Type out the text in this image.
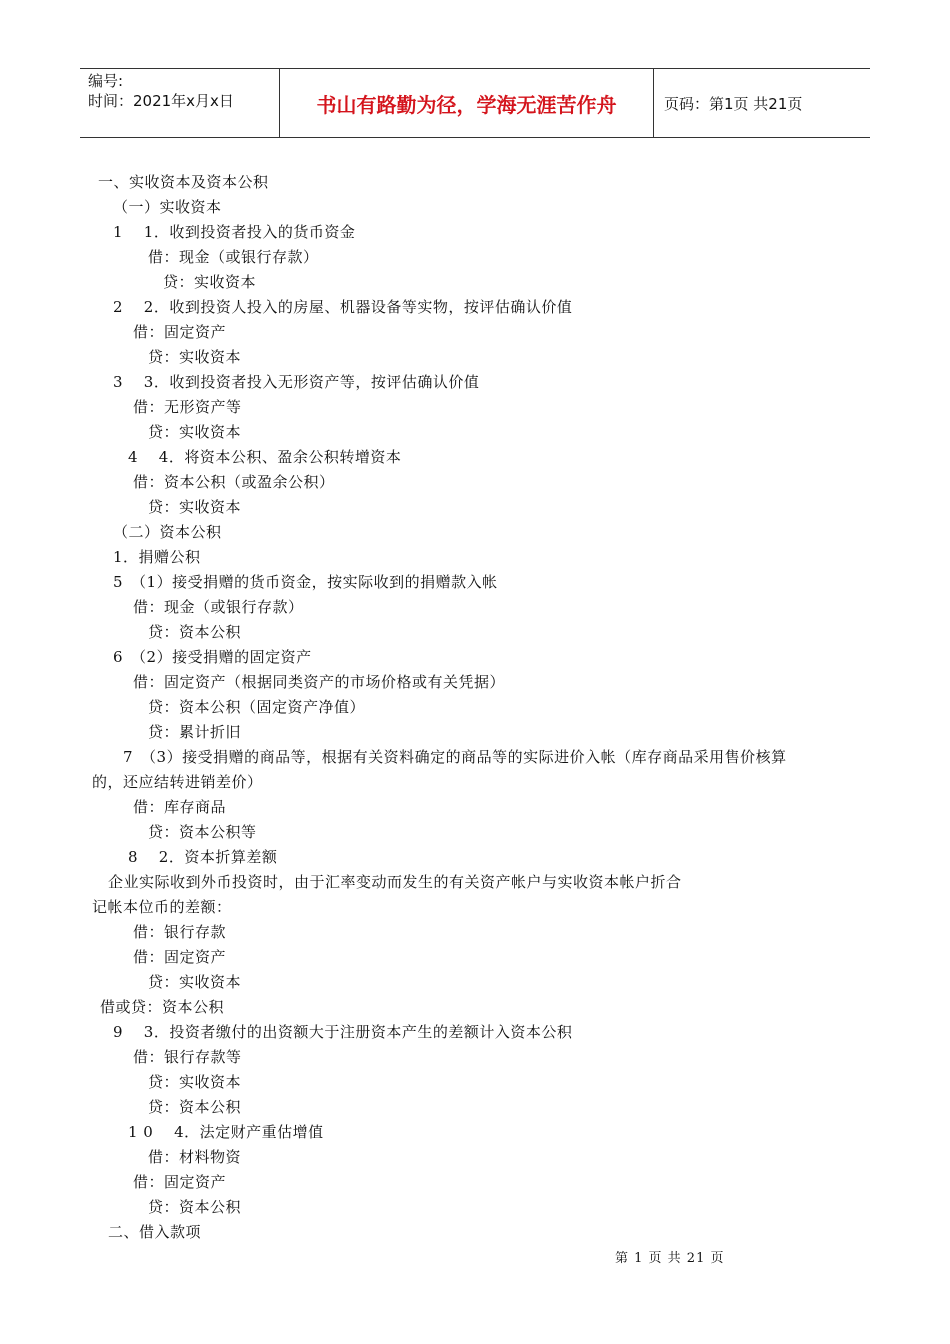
编号:
时间：2021年x月x日	书山有路勤为径，学海无涯苦作舟	页码：第1页 共21页
一、实收资本及资本公积
（一）实收资本
1　 1．收到投资者投入的货币资金
借：现金（或银行存款）
贷：实收资本
2　 2．收到投资人投入的房屋、机器设备等实物，按评估确认价值
借：固定资产
贷：实收资本
3　 3．收到投资者投入无形资产等，按评估确认价值
借：无形资产等
贷：实收资本
4　 4．将资本公积、盈余公积转增资本
借：资本公积（或盈余公积）
贷：实收资本
（二）资本公积
1．捐赠公积
5　（1）接受捐赠的货币资金，按实际收到的捐赠款入帐
借：现金（或银行存款）
贷：资本公积
6　（2）接受捐赠的固定资产
借：固定资产（根据同类资产的市场价格或有关凭据）
贷：资本公积（固定资产净值）
贷：累计折旧
7　（3）接受捐赠的商品等，根据有关资料确定的商品等的实际进价入帐（库存商品采用售价核算
的，还应结转进销差价）
借：库存商品
贷：资本公积等
8　 2．资本折算差额
企业实际收到外币投资时，由于汇率变动而发生的有关资产帐户与实收资本帐户折合
记帐本位币的差额：
借：银行存款
借：固定资产
贷：实收资本
借或贷：资本公积
9　 3．投资者缴付的出资额大于注册资本产生的差额计入资本公积
借：银行存款等
贷：实收资本
贷：资本公积
1 0　 4．法定财产重估增值
借：材料物资
借：固定资产
贷：资本公积
二、借入款项
第 1 页 共 21 页
